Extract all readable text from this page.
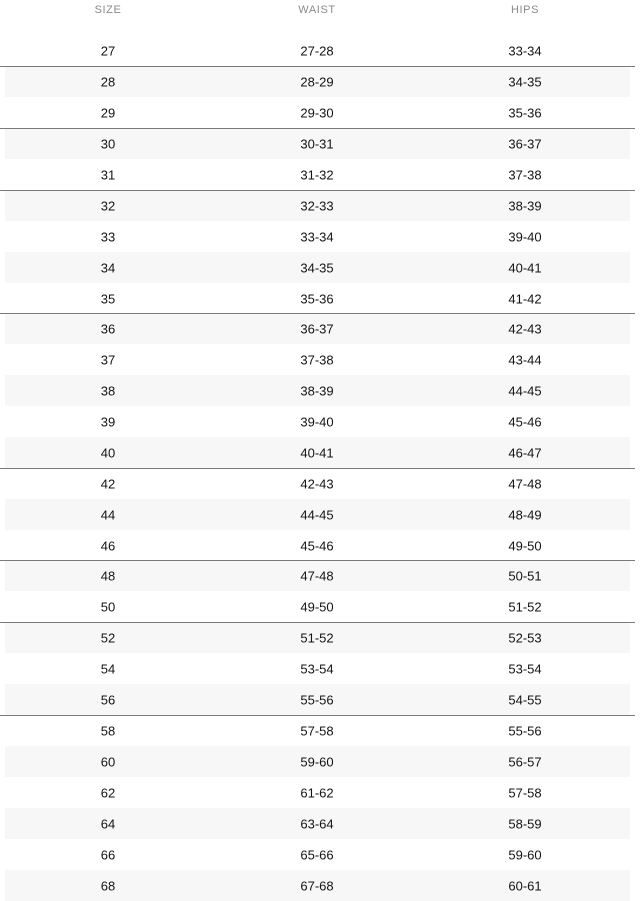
SIZE	WAIST	HIPS
27	27-28	33-34
28	28-29	34-35
29	29-30	35-36
30	30-31	36-37
31	31-32	37-38
32	32-33	38-39
33	33-34	39-40
34	34-35	40-41
35	35-36	41-42
36	36-37	42-43
37	37-38	43-44
38	38-39	44-45
39	39-40	45-46
40	40-41	46-47
42	42-43	47-48
44	44-45	48-49
46	45-46	49-50
48	47-48	50-51
50	49-50	51-52
52	51-52	52-53
54	53-54	53-54
56	55-56	54-55
58	57-58	55-56
60	59-60	56-57
62	61-62	57-58
64	63-64	58-59
66	65-66	59-60
68	67-68	60-61
